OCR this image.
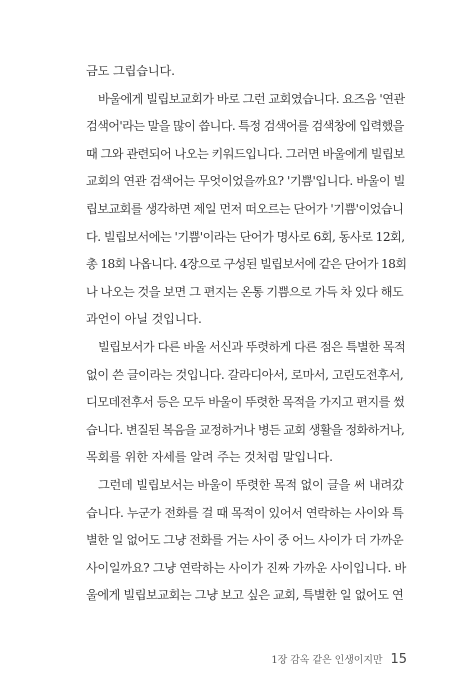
금도 그립습니다.
바울에게 빌립보교회가 바로 그런 교회였습니다. 요즈음 '연관
검색어'라는 말을 많이 씁니다. 특정 검색어를 검색창에 입력했을
때 그와 관련되어 나오는 키워드입니다. 그러면 바울에게 빌립보
교회의 연관 검색어는 무엇이었을까요? '기쁨'입니다. 바울이 빌
립보교회를 생각하면 제일 먼저 떠오르는 단어가 '기쁨'이었습니
다. 빌립보서에는 '기쁨'이라는 단어가 명사로 6회, 동사로 12회,
총 18회 나옵니다. 4장으로 구성된 빌립보서에 같은 단어가 18회
나 나오는 것을 보면 그 편지는 온통 기쁨으로 가득 차 있다 해도
과언이 아닐 것입니다.
빌립보서가 다른 바울 서신과 뚜렷하게 다른 점은 특별한 목적
없이 쓴 글이라는 것입니다. 갈라디아서, 로마서, 고린도전후서,
디모데전후서 등은 모두 바울이 뚜렷한 목적을 가지고 편지를 썼
습니다. 변질된 복음을 교정하거나 병든 교회 생활을 정화하거나,
목회를 위한 자세를 알려 주는 것처럼 말입니다.
그런데 빌립보서는 바울이 뚜렷한 목적 없이 글을 써 내려갔
습니다. 누군가 전화를 걸 때 목적이 있어서 연락하는 사이와 특
별한 일 없어도 그냥 전화를 거는 사이 중 어느 사이가 더 가까운
사이일까요? 그냥 연락하는 사이가 진짜 가까운 사이입니다. 바
울에게 빌립보교회는 그냥 보고 싶은 교회, 특별한 일 없어도 연
1장 감옥 같은 인생이지만 15
